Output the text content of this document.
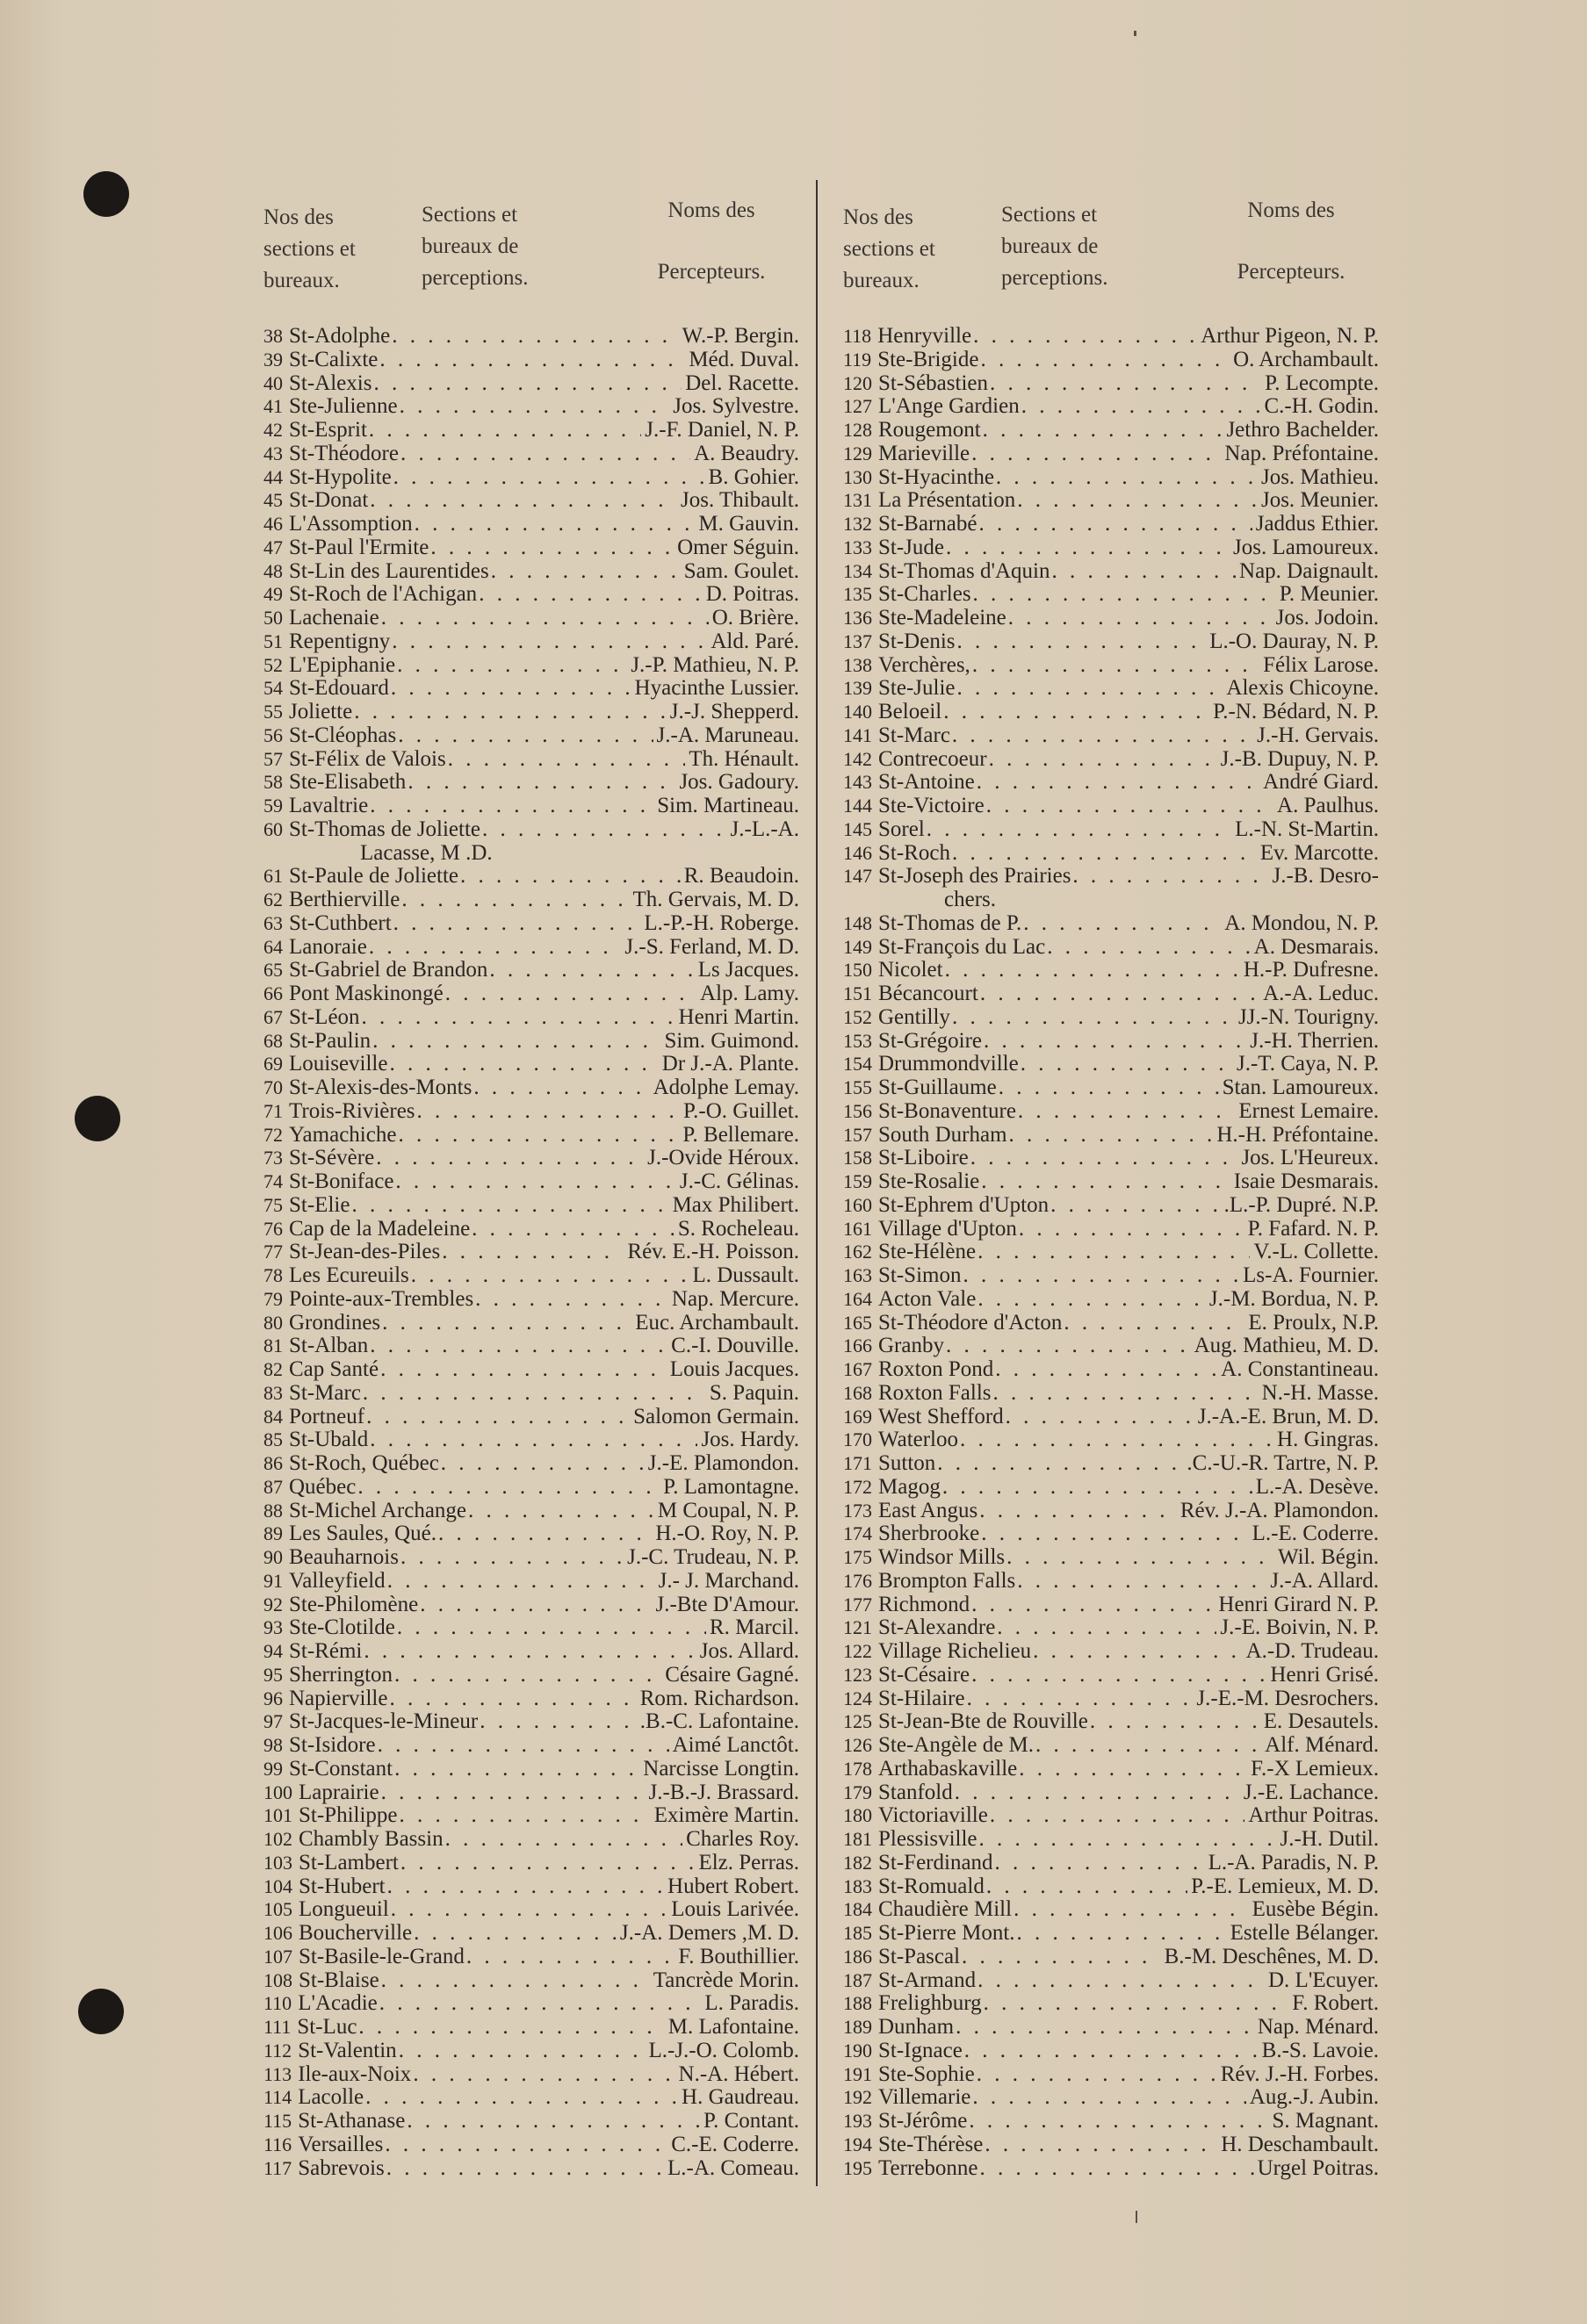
Nos des sections et bureaux.
Sections et bureaux de perceptions.
Noms des
Percepteurs.
38 St-Adolphe . . .	W.-P. Bergin.
39 St-Calixte . . .	Méd. Duval.
40 St-Alexis . . .	Del. Racette.
41 Ste-Julienne . . .	Jos. Sylvestre.
42 St-Esprit . . .	J.-F. Daniel, N. P.
43 St-Théodore . . .	A. Beaudry.
44 St-Hypolite . . .	B. Gohier.
45 St-Donat . . .	Jos. Thibault.
46 L'Assomption . . .	M. Gauvin.
47 St-Paul l'Ermite . . .	Omer Séguin.
48 St-Lin des Laurentides . . .	Sam. Goulet.
49 St-Roch de l'Achigan . . .	D. Poitras.
50 Lachenaie . . .	O. Brière.
51 Repentigny . . .	Ald. Paré.
52 L'Epiphanie . . .	J.-P. Mathieu, N. P.
54 St-Edouard . . .	Hyacinthe Lussier.
55 Joliette . . .	J.-J. Shepperd.
56 St-Cléophas . . .	J.-A. Maruneau.
57 St-Félix de Valois . . .	Th. Hénault.
58 Ste-Elisabeth . . .	Jos. Gadoury.
59 Lavaltrie . . .	Sim. Martineau.
60 St-Thomas de Joliette . . .	J.-L.-A.
Lacasse, M .D.
61 St-Paule de Joliette . . .	R. Beaudoin.
62 Berthierville . . .	Th. Gervais, M. D.
63 St-Cuthbert . . .	L.-P.-H. Roberge.
64 Lanoraie . . .	J.-S. Ferland, M. D.
65 St-Gabriel de Brandon . . .	Ls Jacques.
66 Pont Maskinongé . . .	Alp. Lamy.
67 St-Léon . . .	Henri Martin.
68 St-Paulin . . .	Sim. Guimond.
69 Louiseville . . .	Dr J.-A. Plante.
70 St-Alexis-des-Monts . . .	Adolphe Lemay.
71 Trois-Rivières . . .	P.-O. Guillet.
72 Yamachiche . . .	P. Bellemare.
73 St-Sévère . . .	J.-Ovide Héroux.
74 St-Boniface . . .	J.-C. Gélinas.
75 St-Elie . . .	Max Philibert.
76 Cap de la Madeleine . . .	S. Rocheleau.
77 St-Jean-des-Piles . . .	Rév. E.-H. Poisson.
78 Les Ecureuils . . .	L. Dussault.
79 Pointe-aux-Trembles . . .	Nap. Mercure.
80 Grondines . . .	Euc. Archambault.
81 St-Alban . . .	C.-I. Douville.
82 Cap Santé . . .	Louis Jacques.
83 St-Marc . . .	S. Paquin.
84 Portneuf . . .	Salomon Germain.
85 St-Ubald . . .	Jos. Hardy.
86 St-Roch, Québec . . .	J.-E. Plamondon.
87 Québec . . .	P. Lamontagne.
88 St-Michel Archange . . .	M Coupal, N. P.
89 Les Saules, Qué. . . .	H.-O. Roy, N. P.
90 Beauharnois . . .	J.-C. Trudeau, N. P.
91 Valleyfield . . .	J.- J. Marchand.
92 Ste-Philomène . . .	J.-Bte D'Amour.
93 Ste-Clotilde . . .	R. Marcil.
94 St-Rémi . . .	Jos. Allard.
95 Sherrington . . .	Césaire Gagné.
96 Napierville . . .	Rom. Richardson.
97 St-Jacques-le-Mineur . . .	.B.-C. Lafontaine.
98 St-Isidore . . .	Aimé Lanctôt.
99 St-Constant . . .	Narcisse Longtin.
100 Laprairie . . .	J.-B.-J. Brassard.
101 St-Philippe . . .	Eximère Martin.
102 Chambly Bassin . . .	Charles Roy.
103 St-Lambert . . .	Elz. Perras.
104 St-Hubert . . .	Hubert Robert.
105 Longueuil . . .	Louis Larivée.
106 Boucherville . . .	J.-A. Demers ,M. D.
107 St-Basile-le-Grand . . .	F. Bouthillier.
108 St-Blaise . . .	Tancrède Morin.
110 L'Acadie . . .	L. Paradis.
111 St-Luc . . .	M. Lafontaine.
112 St-Valentin . . .	L.-J.-O. Colomb.
113 Ile-aux-Noix . . .	N.-A. Hébert.
114 Lacolle . . .	H. Gaudreau.
115 St-Athanase . . .	P. Contant.
116 Versailles . . .	C.-E. Coderre.
117 Sabrevois . . .	L.-A. Comeau.
Nos des sections et bureaux.
Sections et bureaux de perceptions.
Noms des
Percepteurs.
118 Henryville . . .	Arthur Pigeon, N. P.
119 Ste-Brigide . . .	O. Archambault.
120 St-Sébastien . . .	P. Lecompte.
127 L'Ange Gardien . . .	C.-H. Godin.
128 Rougemont . . .	Jethro Bachelder.
129 Marieville . . .	Nap. Préfontaine.
130 St-Hyacinthe . . .	Jos. Mathieu.
131 La Présentation . . .	Jos. Meunier.
132 St-Barnabé . . .	Jaddus Ethier.
133 St-Jude . . .	Jos. Lamoureux.
134 St-Thomas d'Aquin . . .	Nap. Daignault.
135 St-Charles . . .	P. Meunier.
136 Ste-Madeleine . . .	Jos. Jodoin.
137 St-Denis . . .	L.-O. Dauray, N. P.
138 Verchères, . . .	Félix Larose.
139 Ste-Julie . . .	Alexis Chicoyne.
140 Beloeil . . .	P.-N. Bédard, N. P.
141 St-Marc . . .	J.-H. Gervais.
142 Contrecoeur . . .	J.-B. Dupuy, N. P.
143 St-Antoine . . .	André Giard.
144 Ste-Victoire . . .	A. Paulhus.
145 Sorel . . .	L.-N. St-Martin.
146 St-Roch . . .	Ev. Marcotte.
147 St-Joseph des Prairies . . .	J.-B. Desro-
chers.
148 St-Thomas de P. . . .	A. Mondou, N. P.
149 St-François du Lac . . .	A. Desmarais.
150 Nicolet . . .	H.-P. Dufresne.
151 Bécancourt . . .	A.-A. Leduc.
152 Gentilly . . .	JJ.-N. Tourigny.
153 St-Grégoire . . .	J.-H. Therrien.
154 Drummondville . . .	J.-T. Caya, N. P.
155 St-Guillaume . . .	Stan. Lamoureux.
156 St-Bonaventure . . .	Ernest Lemaire.
157 South Durham . . .	H.-H. Préfontaine.
158 St-Liboire . . .	Jos. L'Heureux.
159 Ste-Rosalie . . .	Isaie Desmarais.
160 St-Ephrem d'Upton . . .	.L.-P. Dupré. N.P.
161 Village d'Upton . . .	P. Fafard. N. P.
162 Ste-Hélène . . .	V.-L. Collette.
163 St-Simon . . .	Ls-A. Fournier.
164 Acton Vale . . .	J.-M. Bordua, N. P.
165 St-Théodore d'Acton . . .	E. Proulx, N.P.
166 Granby . . .	Aug. Mathieu, M. D.
167 Roxton Pond . . .	A. Constantineau.
168 Roxton Falls . . .	N.-H. Masse.
169 West Shefford . . .	J.-A.-E. Brun, M. D.
170 Waterloo . . .	H. Gingras.
171 Sutton . . .	.C.-U.-R. Tartre, N. P.
172 Magog . . .	L.-A. Desève.
173 East Angus . . .	Rév. J.-A. Plamondon.
174 Sherbrooke . . .	L.-E. Coderre.
175 Windsor Mills . . .	Wil. Bégin.
176 Brompton Falls . . .	J.-A. Allard.
177 Richmond . . .	Henri Girard N. P.
121 St-Alexandre . . .	J.-E. Boivin, N. P.
122 Village Richelieu . . .	A.-D. Trudeau.
123 St-Césaire . . .	Henri Grisé.
124 St-Hilaire . . .	J.-E.-M. Desrochers.
125 St-Jean-Bte de Rouville . . .	E. Desautels.
126 Ste-Angèle de M. . . .	Alf. Ménard.
178 Arthabaskaville . . .	F.-X Lemieux.
179 Stanfold . . .	J.-E. Lachance.
180 Victoriaville . . .	Arthur Poitras.
181 Plessisville . . .	J.-H. Dutil.
182 St-Ferdinand . . .	L.-A. Paradis, N. P.
183 St-Romuald . . .	P.-E. Lemieux, M. D.
184 Chaudière Mill . . .	Eusèbe Bégin.
185 St-Pierre Mont. . . .	Estelle Bélanger.
186 St-Pascal . . .	B.-M. Deschênes, M. D.
187 St-Armand . . .	D. L'Ecuyer.
188 Frelighburg . . .	F. Robert.
189 Dunham . . .	Nap. Ménard.
190 St-Ignace . . .	B.-S. Lavoie.
191 Ste-Sophie . . .	Rév. J.-H. Forbes.
192 Villemarie . . .	Aug.-J. Aubin.
193 St-Jérôme . . .	S. Magnant.
194 Ste-Thérèse . . .	H. Deschambault.
195 Terrebonne . . .	Urgel Poitras.
